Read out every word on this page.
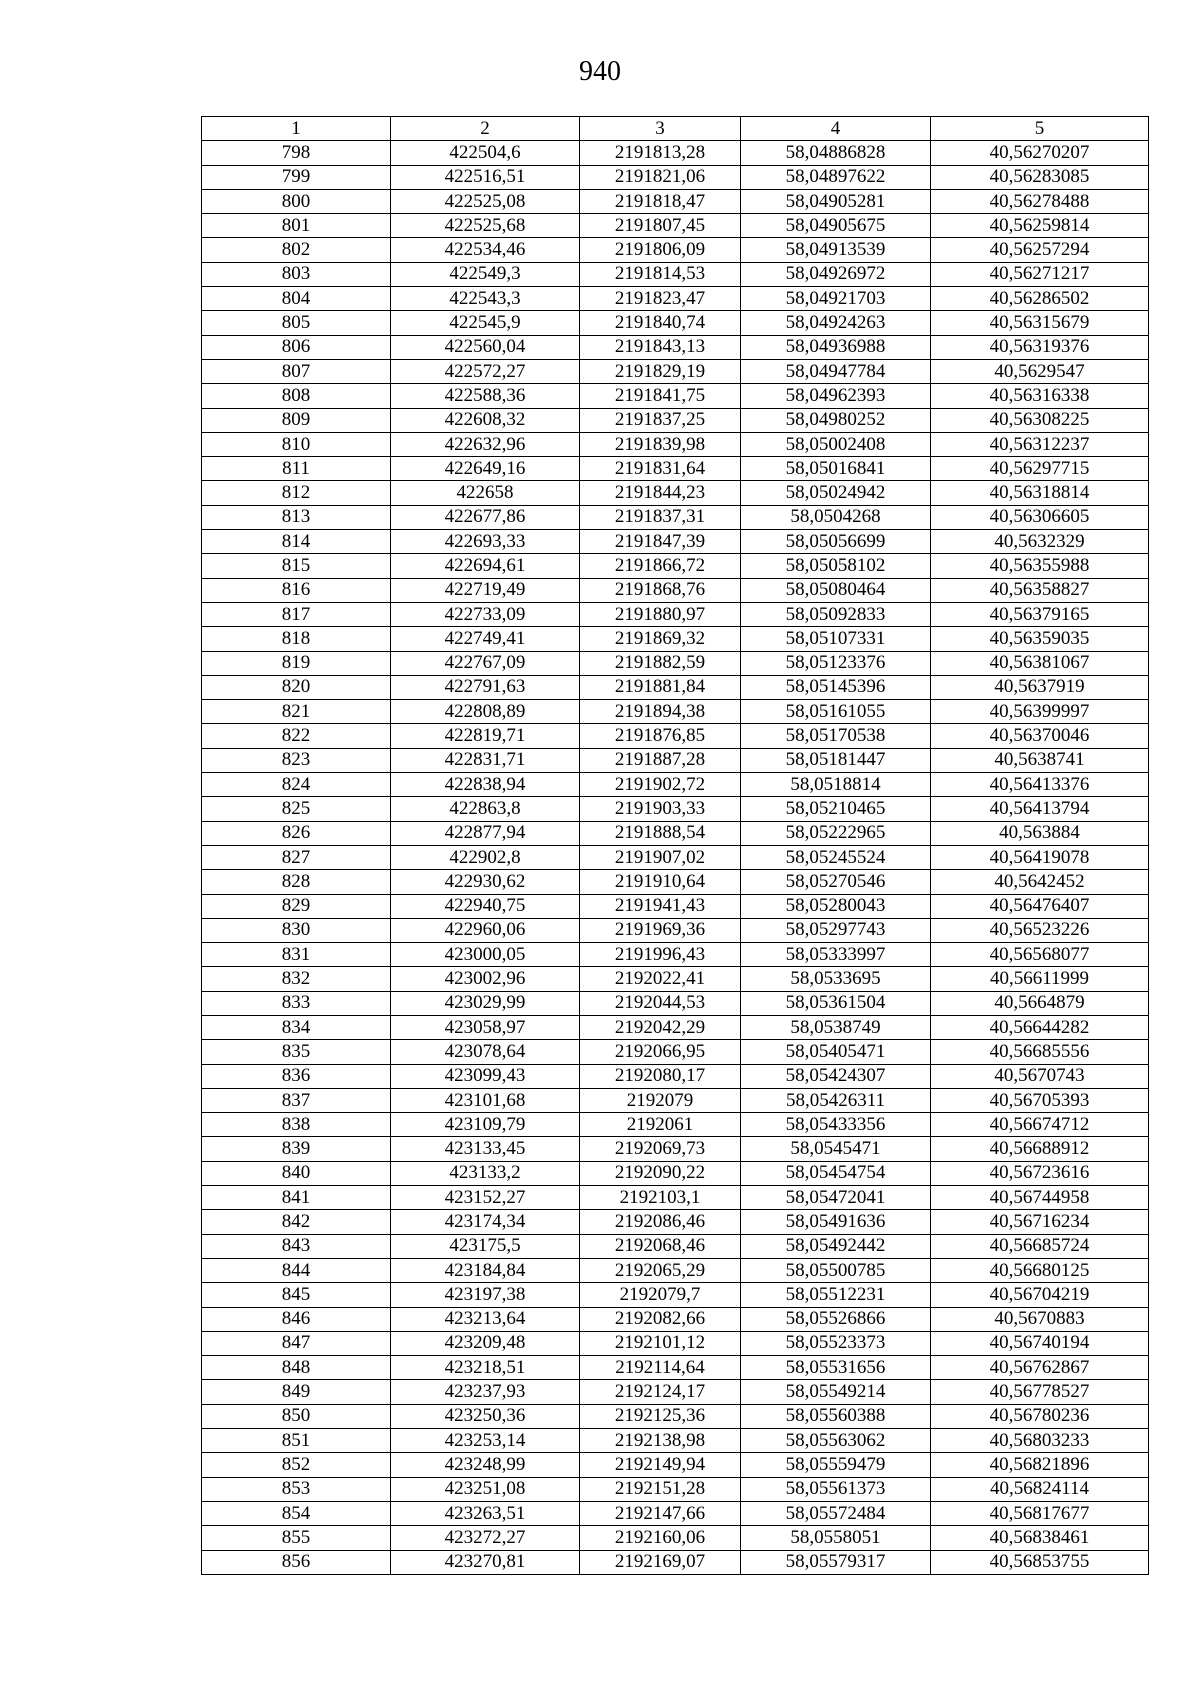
940
1	2	3	4	5
798	422504,6	2191813,28	58,04886828	40,56270207
799	422516,51	2191821,06	58,04897622	40,56283085
800	422525,08	2191818,47	58,04905281	40,56278488
801	422525,68	2191807,45	58,04905675	40,56259814
802	422534,46	2191806,09	58,04913539	40,56257294
803	422549,3	2191814,53	58,04926972	40,56271217
804	422543,3	2191823,47	58,04921703	40,56286502
805	422545,9	2191840,74	58,04924263	40,56315679
806	422560,04	2191843,13	58,04936988	40,56319376
807	422572,27	2191829,19	58,04947784	40,5629547
808	422588,36	2191841,75	58,04962393	40,56316338
809	422608,32	2191837,25	58,04980252	40,56308225
810	422632,96	2191839,98	58,05002408	40,56312237
811	422649,16	2191831,64	58,05016841	40,56297715
812	422658	2191844,23	58,05024942	40,56318814
813	422677,86	2191837,31	58,0504268	40,56306605
814	422693,33	2191847,39	58,05056699	40,5632329
815	422694,61	2191866,72	58,05058102	40,56355988
816	422719,49	2191868,76	58,05080464	40,56358827
817	422733,09	2191880,97	58,05092833	40,56379165
818	422749,41	2191869,32	58,05107331	40,56359035
819	422767,09	2191882,59	58,05123376	40,56381067
820	422791,63	2191881,84	58,05145396	40,5637919
821	422808,89	2191894,38	58,05161055	40,56399997
822	422819,71	2191876,85	58,05170538	40,56370046
823	422831,71	2191887,28	58,05181447	40,5638741
824	422838,94	2191902,72	58,0518814	40,56413376
825	422863,8	2191903,33	58,05210465	40,56413794
826	422877,94	2191888,54	58,05222965	40,563884
827	422902,8	2191907,02	58,05245524	40,56419078
828	422930,62	2191910,64	58,05270546	40,5642452
829	422940,75	2191941,43	58,05280043	40,56476407
830	422960,06	2191969,36	58,05297743	40,56523226
831	423000,05	2191996,43	58,05333997	40,56568077
832	423002,96	2192022,41	58,0533695	40,56611999
833	423029,99	2192044,53	58,05361504	40,5664879
834	423058,97	2192042,29	58,0538749	40,56644282
835	423078,64	2192066,95	58,05405471	40,56685556
836	423099,43	2192080,17	58,05424307	40,5670743
837	423101,68	2192079	58,05426311	40,56705393
838	423109,79	2192061	58,05433356	40,56674712
839	423133,45	2192069,73	58,0545471	40,56688912
840	423133,2	2192090,22	58,05454754	40,56723616
841	423152,27	2192103,1	58,05472041	40,56744958
842	423174,34	2192086,46	58,05491636	40,56716234
843	423175,5	2192068,46	58,05492442	40,56685724
844	423184,84	2192065,29	58,05500785	40,56680125
845	423197,38	2192079,7	58,05512231	40,56704219
846	423213,64	2192082,66	58,05526866	40,5670883
847	423209,48	2192101,12	58,05523373	40,56740194
848	423218,51	2192114,64	58,05531656	40,56762867
849	423237,93	2192124,17	58,05549214	40,56778527
850	423250,36	2192125,36	58,05560388	40,56780236
851	423253,14	2192138,98	58,05563062	40,56803233
852	423248,99	2192149,94	58,05559479	40,56821896
853	423251,08	2192151,28	58,05561373	40,56824114
854	423263,51	2192147,66	58,05572484	40,56817677
855	423272,27	2192160,06	58,0558051	40,56838461
856	423270,81	2192169,07	58,05579317	40,56853755
